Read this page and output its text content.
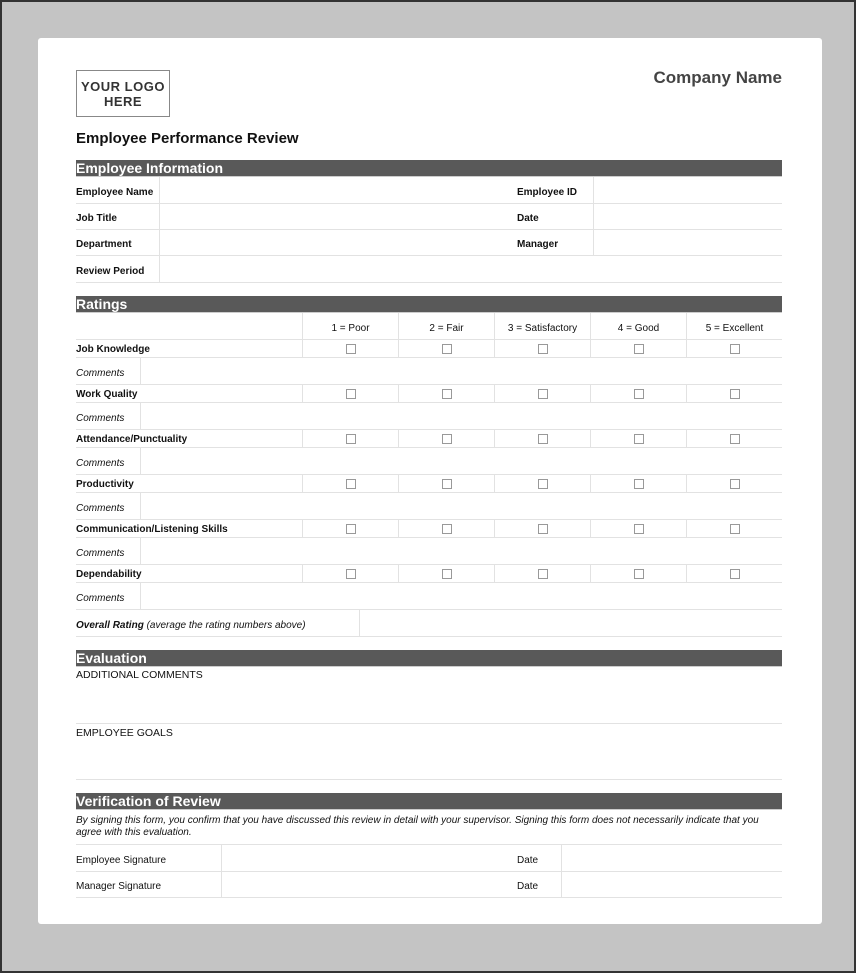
YOUR LOGO
HERE
Company Name
Employee Performance Review
Employee Information
Employee Name	Employee ID
Job Title	Date
Department	Manager
Review Period
Ratings
1 = Poor	2 = Fair	3 = Satisfactory	4 = Good	5 = Excellent
Job Knowledge
Comments
Work Quality
Comments
Attendance/Punctuality
Comments
Productivity
Comments
Communication/Listening Skills
Comments
Dependability
Comments
Overall Rating
(average the rating numbers above)
Evaluation
ADDITIONAL COMMENTS
EMPLOYEE GOALS
Verification of Review
By signing this form, you confirm that you have discussed this review in detail with your supervisor. Signing this form does not necessarily indicate that you agree with this evaluation.
Employee Signature	Date
Manager Signature	Date
